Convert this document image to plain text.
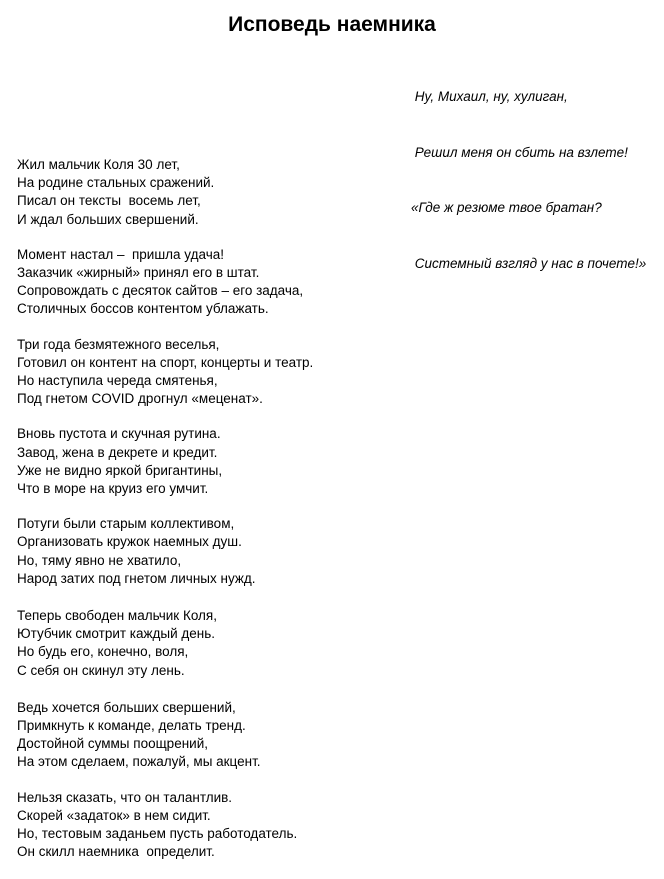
Исповедь наемника

Ну, Михаил, ну, хулиган,

Решил меня он сбить на взлете!

«Где ж резюме твое братан?

Системный взгляд у нас в почете!»

Жил мальчик Коля 30 лет,
На родине стальных сражений.
Писал он тексты  восемь лет,
И ждал больших свершений.
Момент настал –  пришла удача!
Заказчик «жирный» принял его в штат.
Сопровождать с десяток сайтов – его задача,
Столичных боссов контентом ублажать.
Три года безмятежного веселья,
Готовил он контент на спорт, концерты и театр.
Но наступила череда смятенья,
Под гнетом COVID дрогнул «меценат».
Вновь пустота и скучная рутина.
Завод, жена в декрете и кредит.
Уже не видно яркой бригантины,
Что в море на круиз его умчит.
Потуги были старым коллективом,
Организовать кружок наемных душ.
Но, тяму явно не хватило,
Народ затих под гнетом личных нужд.
Теперь свободен мальчик Коля,
Ютубчик смотрит каждый день.
Но будь его, конечно, воля,
С себя он скинул эту лень.
Ведь хочется больших свершений,
Примкнуть к команде, делать тренд.
Достойной суммы поощрений,
На этом сделаем, пожалуй, мы акцент.
Нельзя сказать, что он талантлив.
Скорей «задаток» в нем сидит.
Но, тестовым заданьем пусть работодатель.
Он скилл наемника  определит.
